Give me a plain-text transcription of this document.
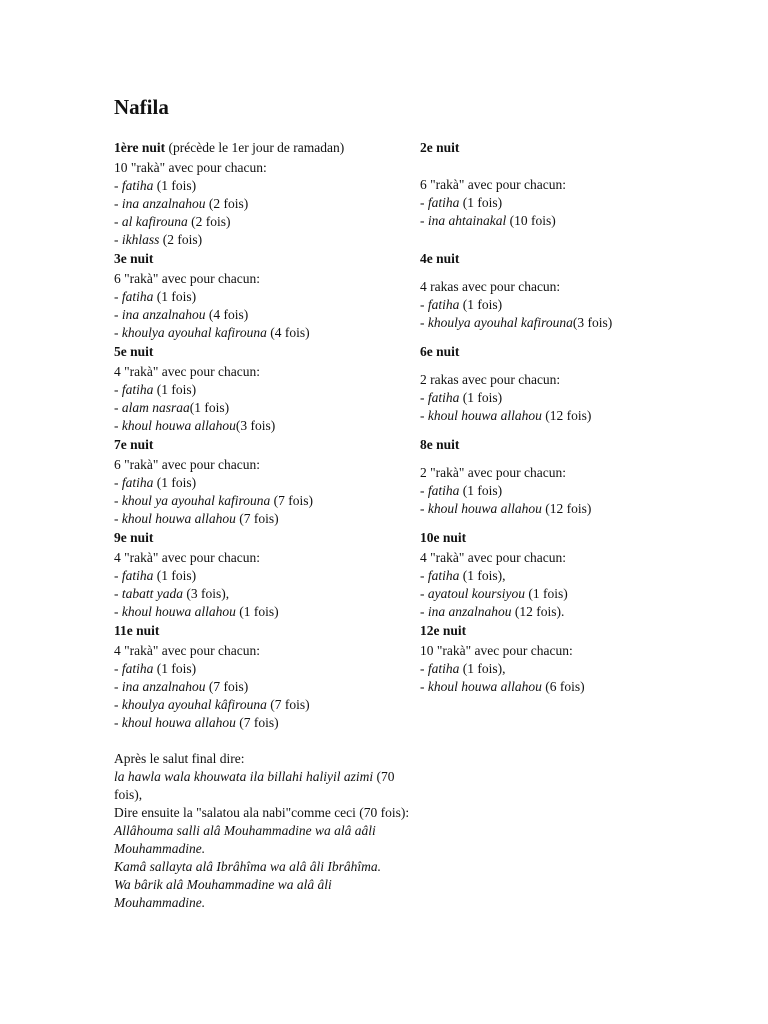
Nafila
1ère nuit (précède le 1er jour de ramadan)
10 "rakà" avec pour chacun:
- fatiha (1 fois)
- ina anzalnahou (2 fois)
- al kafirouna (2 fois)
- ikhlass (2 fois)
3e nuit
6 "rakà" avec pour chacun:
- fatiha (1 fois)
- ina anzalnahou (4 fois)
- khoulya ayouhal kafirouna (4 fois)
5e nuit
4 "rakà" avec pour chacun:
- fatiha (1 fois)
- alam nasraa(1 fois)
- khoul houwa allahou(3 fois)
7e nuit
6 "rakà" avec pour chacun:
- fatiha (1 fois)
- khoul ya ayouhal kafirouna (7 fois)
- khoul houwa allahou (7 fois)
9e nuit
4 "rakà" avec pour chacun:
- fatiha (1 fois)
- tabatt yada (3 fois),
- khoul houwa allahou (1 fois)
11e nuit
4 "rakà" avec pour chacun:
- fatiha (1 fois)
- ina anzalnahou (7 fois)
- khoulya ayouhal kâfirouna (7 fois)
- khoul houwa allahou (7 fois)
2e nuit
6 "rakà" avec pour chacun:
- fatiha (1 fois)
- ina ahtainakal (10 fois)
4e nuit
4 rakas avec pour chacun:
- fatiha (1 fois)
- khoulya ayouhal kafirouna(3 fois)
6e nuit
2 rakas avec pour chacun:
- fatiha (1 fois)
- khoul houwa allahou (12 fois)
8e nuit
2 "rakà" avec pour chacun:
- fatiha (1 fois)
- khoul houwa allahou (12 fois)
10e nuit
4 "rakà" avec pour chacun:
- fatiha (1 fois),
- ayatoul koursiyou (1 fois)
- ina anzalnahou (12 fois).
12e nuit
10 "rakà" avec pour chacun:
- fatiha (1 fois),
- khoul houwa allahou (6 fois)
Après le salut final dire:
la hawla wala khouwata ila billahi haliyil azimi (70 fois),
Dire ensuite la "salatou ala nabi"comme ceci (70 fois):
Allâhouma salli alâ Mouhammadine wa alâ aâli Mouhammadine.
Kamâ sallayta alâ Ibrâhîma wa alâ âli Ibrâhîma.
Wa bârik alâ Mouhammadine wa alâ âli Mouhammadine.
